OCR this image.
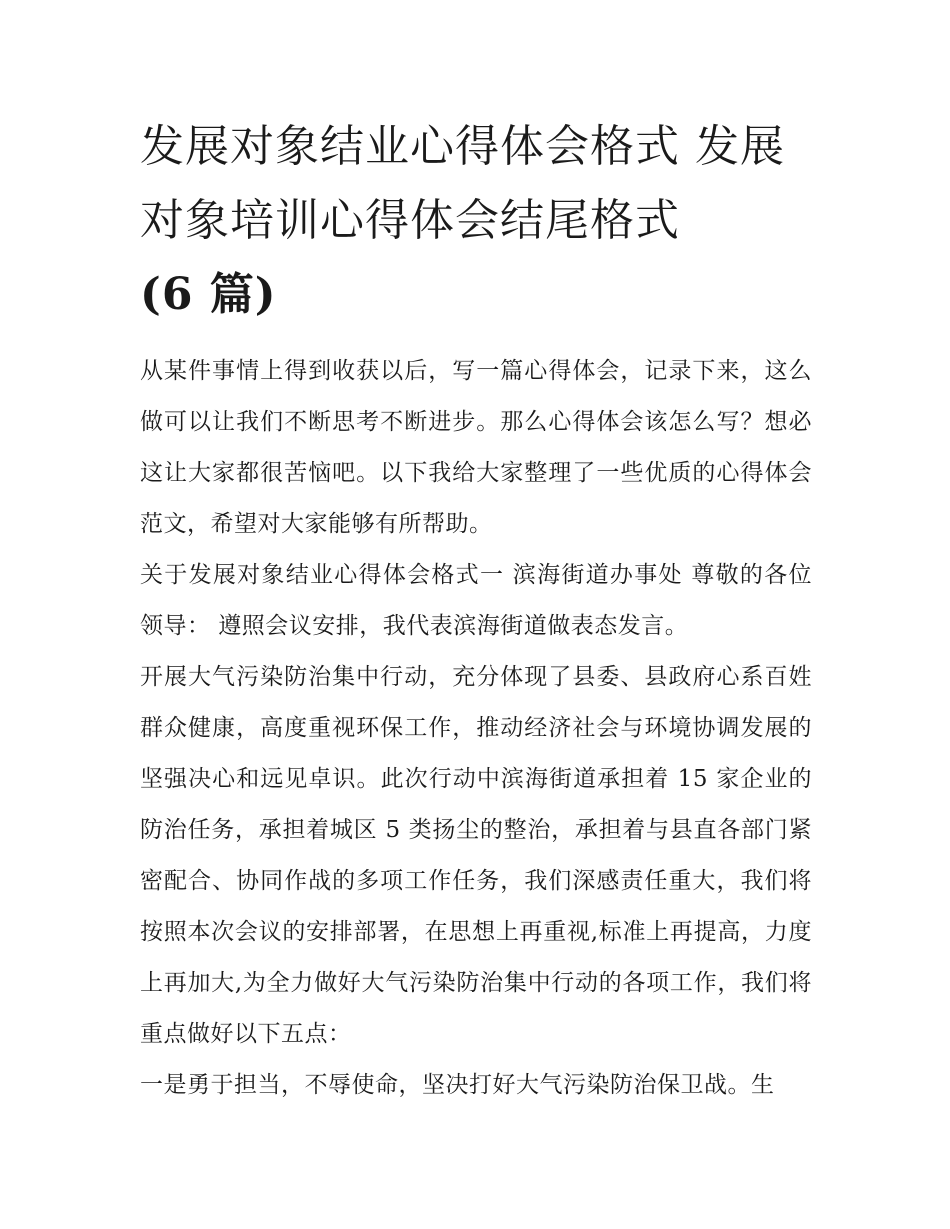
发展对象结业心得体会格式 发展对象培训心得体会结尾格式
(6 篇)

从某件事情上得到收获以后，写一篇心得体会，记录下来，这么做可以让我们不断思考不断进步。那么心得体会该怎么写？想必这让大家都很苦恼吧。以下我给大家整理了一些优质的心得体会范文，希望对大家能够有所帮助。

关于发展对象结业心得体会格式一 滨海街道办事处 尊敬的各位领导： 遵照会议安排，我代表滨海街道做表态发言。

开展大气污染防治集中行动，充分体现了县委、县政府心系百姓群众健康，高度重视环保工作，推动经济社会与环境协调发展的坚强决心和远见卓识。此次行动中滨海街道承担着 15 家企业的防治任务，承担着城区 5 类扬尘的整治，承担着与县直各部门紧密配合、协同作战的多项工作任务，我们深感责任重大，我们将按照本次会议的安排部署，在思想上再重视,标准上再提高，力度上再加大,为全力做好大气污染防治集中行动的各项工作，我们将重点做好以下五点：

一是勇于担当，不辱使命，坚决打好大气污染防治保卫战。生
